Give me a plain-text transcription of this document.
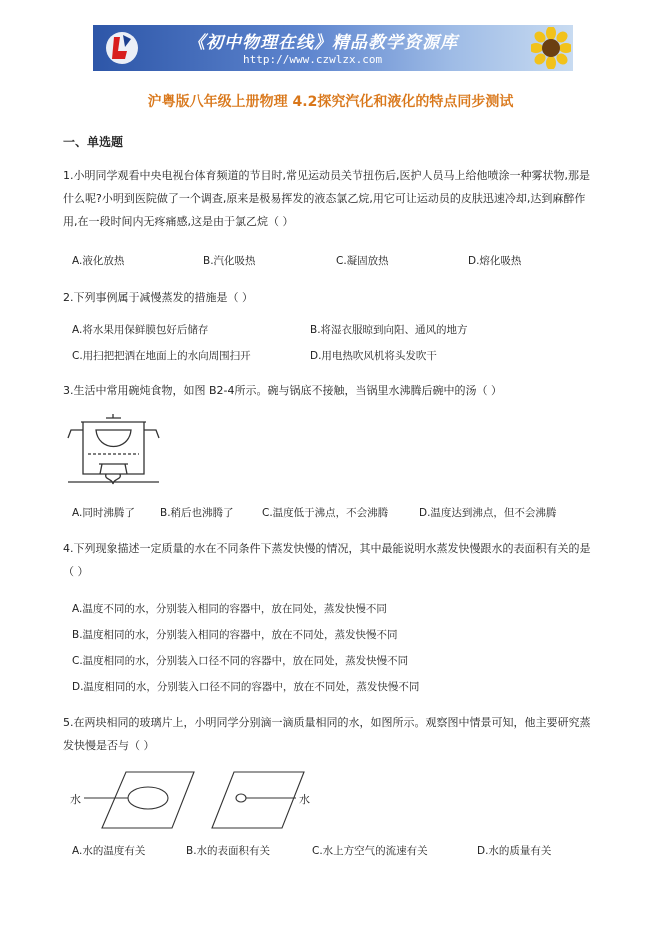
《初中物理在线》精品教学资源库
http://www.czwlzx.com
沪粤版八年级上册物理 4.2探究汽化和液化的特点同步测试
一、单选题
1.小明同学观看中央电视台体育频道的节目时,常见运动员关节扭伤后,医护人员马上给他喷涂一种雾状物,那是什么呢?小明到医院做了一个调查,原来是极易挥发的液态氯乙烷,用它可让运动员的皮肤迅速冷却,达到麻醉作用,在一段时间内无疼痛感,这是由于氯乙烷（ ）
A.液化放热	B.汽化吸热	C.凝固放热	D.熔化吸热
2.下列事例属于减慢蒸发的措施是（ ）
A.将水果用保鲜膜包好后储存	B.将湿衣服晾到向阳、通风的地方
C.用扫把把洒在地面上的水向周围扫开	D.用电热吹风机将头发吹干
3.生活中常用碗炖食物，如图 B2-4所示。碗与锅底不接触，当锅里水沸腾后碗中的汤（ ）
A.同时沸腾了 B.稍后也沸腾了	C.温度低于沸点，不会沸腾	D.温度达到沸点，但不会沸腾
4.下列现象描述一定质量的水在不同条件下蒸发快慢的情况，其中最能说明水蒸发快慢跟水的表面积有关的是（ ）
A.温度不同的水，分别装入相同的容器中，放在同处，蒸发快慢不同
B.温度相同的水，分别装入相同的容器中，放在不同处，蒸发快慢不同
C.温度相同的水，分别装入口径不同的容器中，放在同处，蒸发快慢不同
D.温度相同的水，分别装入口径不同的容器中，放在不同处，蒸发快慢不同
5.在两块相同的玻璃片上，小明同学分别滴一滴质量相同的水，如图所示。观察图中情景可知，他主要研究蒸发快慢是否与（ ）
水	水
A.水的温度有关	B.水的表面积有关	C.水上方空气的流速有关	D.水的质量有关
